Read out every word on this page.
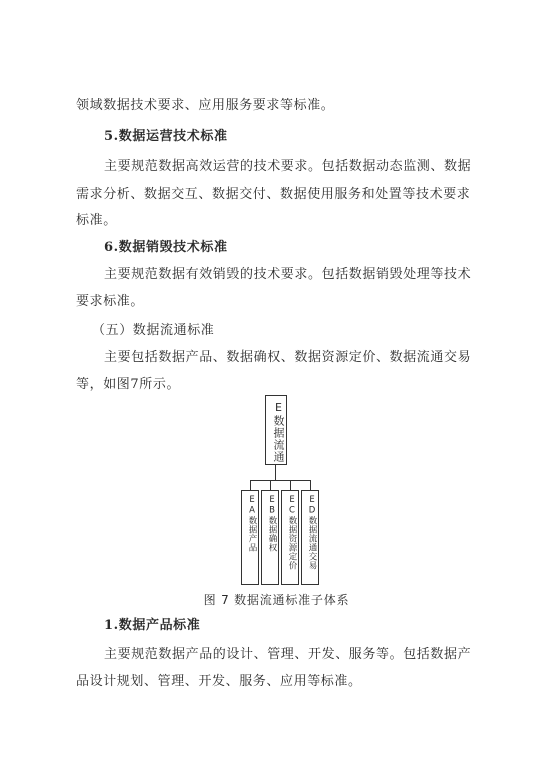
领域数据技术要求、应用服务要求等标准。
5.数据运营技术标准
主要规范数据高效运营的技术要求。包括数据动态监测、数据
需求分析、数据交互、数据交付、数据使用服务和处置等技术要求
标准。
6.数据销毁技术标准
主要规范数据有效销毁的技术要求。包括数据销毁处理等技术
要求标准。
（五）数据流通标准
主要包括数据产品、数据确权、数据资源定价、数据流通交易
等，如图7所示。
E数据流通
EA数据产品	EB数据确权	EC数据资源定价	ED数据流通交易
图 7 数据流通标准子体系
1.数据产品标准
主要规范数据产品的设计、管理、开发、服务等。包括数据产
品设计规划、管理、开发、服务、应用等标准。
